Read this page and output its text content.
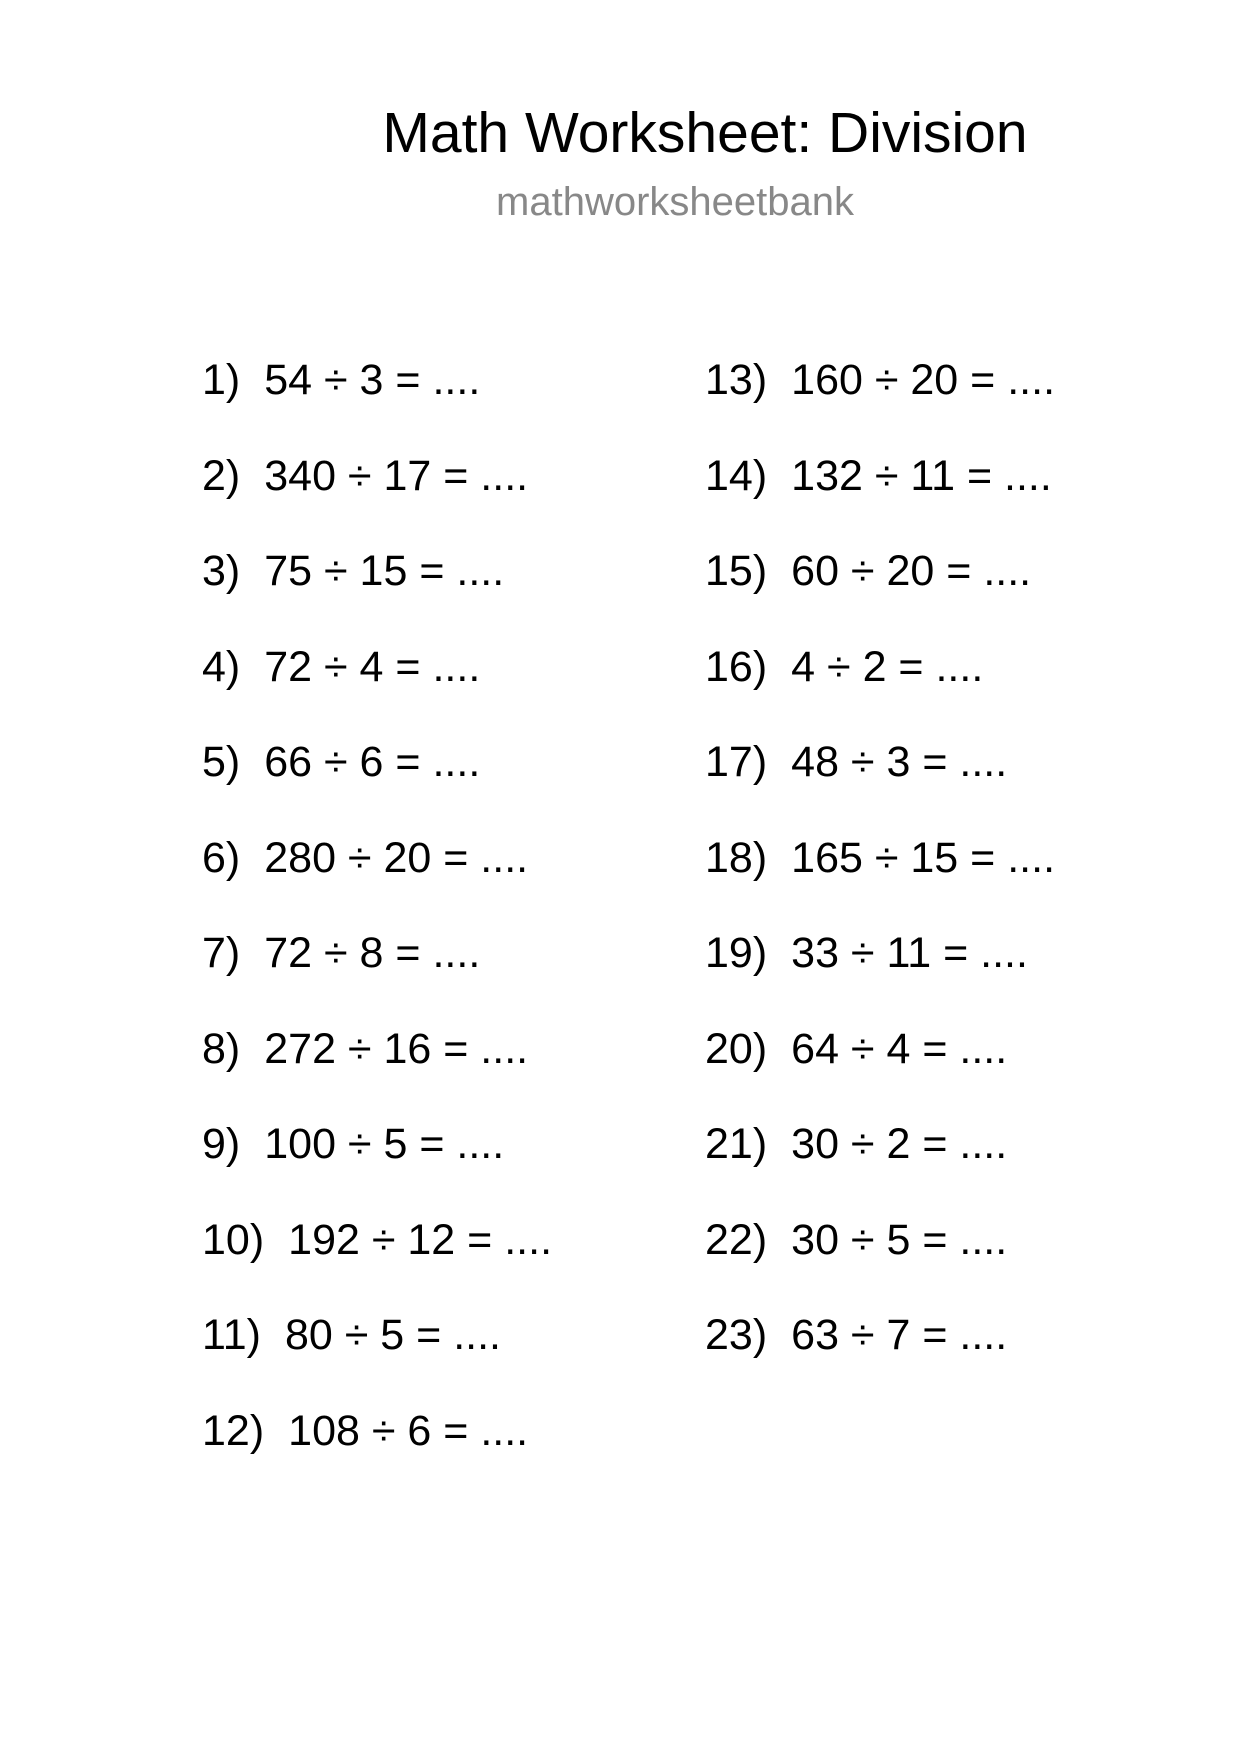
Math Worksheet: Division
mathworksheetbank
1) 54 ÷ 3 = ....
2) 340 ÷ 17 = ....
3) 75 ÷ 15 = ....
4) 72 ÷ 4 = ....
5) 66 ÷ 6 = ....
6) 280 ÷ 20 = ....
7) 72 ÷ 8 = ....
8) 272 ÷ 16 = ....
9) 100 ÷ 5 = ....
10) 192 ÷ 12 = ....
11) 80 ÷ 5 = ....
12) 108 ÷ 6 = ....
13) 160 ÷ 20 = ....
14) 132 ÷ 11 = ....
15) 60 ÷ 20 = ....
16) 4 ÷ 2 = ....
17) 48 ÷ 3 = ....
18) 165 ÷ 15 = ....
19) 33 ÷ 11 = ....
20) 64 ÷ 4 = ....
21) 30 ÷ 2 = ....
22) 30 ÷ 5 = ....
23) 63 ÷ 7 = ....
